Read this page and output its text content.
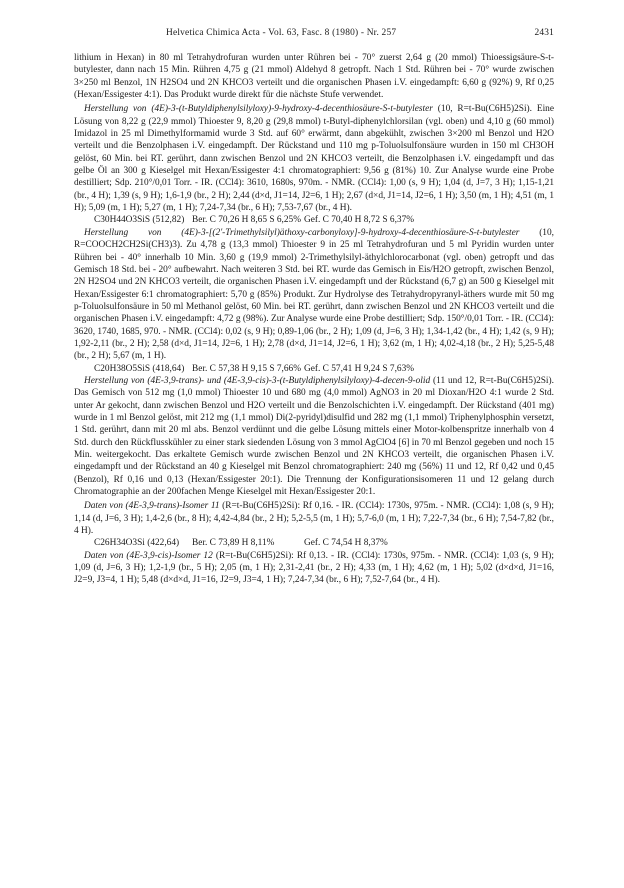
Helvetica Chimica Acta - Vol. 63, Fasc. 8 (1980) - Nr. 257	2431

lithium in Hexan) in 80 ml Tetrahydrofuran wurden unter Rühren bei - 70° zuerst 2,64 g (20 mmol) Thioessigsäure-S-t-butylester, dann nach 15 Min. Rühren 4,75 g (21 mmol) Aldehyd 8 getropft. Nach 1 Std. Rühren bei - 70° wurde zwischen 3×250 ml Benzol, 1N H2SO4 und 2N KHCO3 verteilt und die organischen Phasen i.V. eingedampft: 6,60 g (92%) 9, Rf 0,25 (Hexan/Essigester 4:1). Das Produkt wurde direkt für die nächste Stufe verwendet.

Herstellung von (4E)-3-(t-Butyldiphenylsilyloxy)-9-hydroxy-4-decenthiosäure-S-t-butylester (10, R=t-Bu(C6H5)2Si). Eine Lösung von 8,22 g (22,9 mmol) Thioester 9, 8,20 g (29,8 mmol) t-Butyl-diphenylchlorsilan (vgl. oben) und 4,10 g (60 mmol) Imidazol in 25 ml Dimethylformamid wurde 3 Std. auf 60° erwärmt, dann abgekühlt, zwischen 3×200 ml Benzol und H2O verteilt und die Benzolphasen i.V. eingedampft. Der Rückstand und 110 mg p-Toluolsulfonsäure wurden in 150 ml CH3OH gelöst, 60 Min. bei RT. gerührt, dann zwischen Benzol und 2N KHCO3 verteilt, die Benzolphasen i.V. eingedampft und das gelbe Öl an 300 g Kieselgel mit Hexan/Essigester 4:1 chromatographiert: 9,56 g (81%) 10. Zur Analyse wurde eine Probe destilliert; Sdp. 210°/0,01 Torr. - IR. (CCl4): 3610, 1680s, 970m. - NMR. (CCl4): 1,00 (s, 9 H); 1,04 (d, J=7, 3 H); 1,15-1,21 (br., 4 H); 1,39 (s, 9 H); 1,6-1,9 (br., 2 H); 2,44 (d×d, J1=14, J2=6, 1 H); 2,67 (d×d, J1=14, J2=6, 1 H); 3,50 (m, 1 H); 4,51 (m, 1 H); 5,09 (m, 1 H); 5,27 (m, 1 H); 7,24-7,34 (br., 6 H); 7,53-7,67 (br., 4 H).

C30H44O3SiS (512,82) Ber. C 70,26 H 8,65 S 6,25% Gef. C 70,40 H 8,72 S 6,37%

Herstellung von (4E)-3-[(2'-Trimethylsilyl)äthoxy-carbonyloxy]-9-hydroxy-4-decenthiosäure-S-t-butylester (10, R=COOCH2CH2Si(CH3)3). Zu 4,78 g (13,3 mmol) Thioester 9 in 25 ml Tetrahydrofuran und 5 ml Pyridin wurden unter Rühren bei - 40° innerhalb 10 Min. 3,60 g (19,9 mmol) 2-Trimethylsilyl-äthylchlorocarbonat (vgl. oben) getropft und das Gemisch 18 Std. bei - 20° aufbewahrt. Nach weiteren 3 Std. bei RT. wurde das Gemisch in Eis/H2O getropft, zwischen Benzol, 2N H2SO4 und 2N KHCO3 verteilt, die organischen Phasen i.V. eingedampft und der Rückstand (6,7 g) an 500 g Kieselgel mit Hexan/Essigester 6:1 chromatographiert: 5,70 g (85%) Produkt. Zur Hydrolyse des Tetrahydropyranyl-äthers wurde mit 50 mg p-Toluolsulfonsäure in 50 ml Methanol gelöst, 60 Min. bei RT. gerührt, dann zwischen Benzol und 2N KHCO3 verteilt und die organischen Phasen i.V. eingedampft: 4,72 g (98%). Zur Analyse wurde eine Probe destilliert; Sdp. 150°/0,01 Torr. - IR. (CCl4): 3620, 1740, 1685, 970. - NMR. (CCl4): 0,02 (s, 9 H); 0,89-1,06 (br., 2 H); 1,09 (d, J=6, 3 H); 1,34-1,42 (br., 4 H); 1,42 (s, 9 H); 1,92-2,11 (br., 2 H); 2,58 (d×d, J1=14, J2=6, 1 H); 2,78 (d×d, J1=14, J2=6, 1 H); 3,62 (m, 1 H); 4,02-4,18 (br., 2 H); 5,25-5,48 (br., 2 H); 5,67 (m, 1 H).

C20H38O5SiS (418,64) Ber. C 57,38 H 9,15 S 7,66% Gef. C 57,41 H 9,24 S 7,63%

Herstellung von (4E-3,9-trans)- und (4E-3,9-cis)-3-(t-Butyldiphenylsilyloxy)-4-decen-9-olid (11 und 12, R=t-Bu(C6H5)2Si). Das Gemisch von 512 mg (1,0 mmol) Thioester 10 und 680 mg (4,0 mmol) AgNO3 in 20 ml Dioxan/H2O 4:1 wurde 2 Std. unter Ar gekocht, dann zwischen Benzol und H2O verteilt und die Benzolschichten i.V. eingedampft. Der Rückstand (401 mg) wurde in 1 ml Benzol gelöst, mit 212 mg (1,1 mmol) Di(2-pyridyl)disulfid und 282 mg (1,1 mmol) Triphenylphosphin versetzt, 1 Std. gerührt, dann mit 20 ml abs. Benzol verdünnt und die gelbe Lösung mittels einer Motor-kolbenspritze innerhalb von 4 Std. durch den Rückflusskühler zu einer stark siedenden Lösung von 3 mmol AgClO4 [6] in 70 ml Benzol gegeben und noch 15 Min. weitergekocht. Das erkaltete Gemisch wurde zwischen Benzol und 2N KHCO3 verteilt, die organischen Phasen i.V. eingedampft und der Rückstand an 40 g Kieselgel mit Benzol chromatographiert: 240 mg (56%) 11 und 12, Rf 0,42 und 0,45 (Benzol), Rf 0,16 und 0,13 (Hexan/Essigester 20:1). Die Trennung der Konfigurationsisomeren 11 und 12 gelang durch Chromatographie an der 200fachen Menge Kieselgel mit Hexan/Essigester 20:1.

Daten von (4E-3,9-trans)-Isomer 11 (R=t-Bu(C6H5)2Si): Rf 0,16. - IR. (CCl4): 1730s, 975m. - NMR. (CCl4): 1,08 (s, 9 H); 1,14 (d, J=6, 3 H); 1,4-2,6 (br., 8 H); 4,42-4,84 (br., 2 H); 5,2-5,5 (m, 1 H); 5,7-6,0 (m, 1 H); 7,22-7,34 (br., 6 H); 7,54-7,82 (br., 4 H).

C26H34O3Si (422,64) Ber. C 73,89 H 8,11%	Gef. C 74,54 H 8,37%

Daten von (4E-3,9-cis)-Isomer 12 (R=t-Bu(C6H5)2Si): Rf 0,13. - IR. (CCl4): 1730s, 975m. - NMR. (CCl4): 1,03 (s, 9 H); 1,09 (d, J=6, 3 H); 1,2-1,9 (br., 5 H); 2,05 (m, 1 H); 2,31-2,41 (br., 2 H); 4,33 (m, 1 H); 4,62 (m, 1 H); 5,02 (d×d×d, J1=16, J2=9, J3=4, 1 H); 5,48 (d×d×d, J1=16, J2=9, J3=4, 1 H); 7,24-7,34 (br., 6 H); 7,52-7,64 (br., 4 H).
